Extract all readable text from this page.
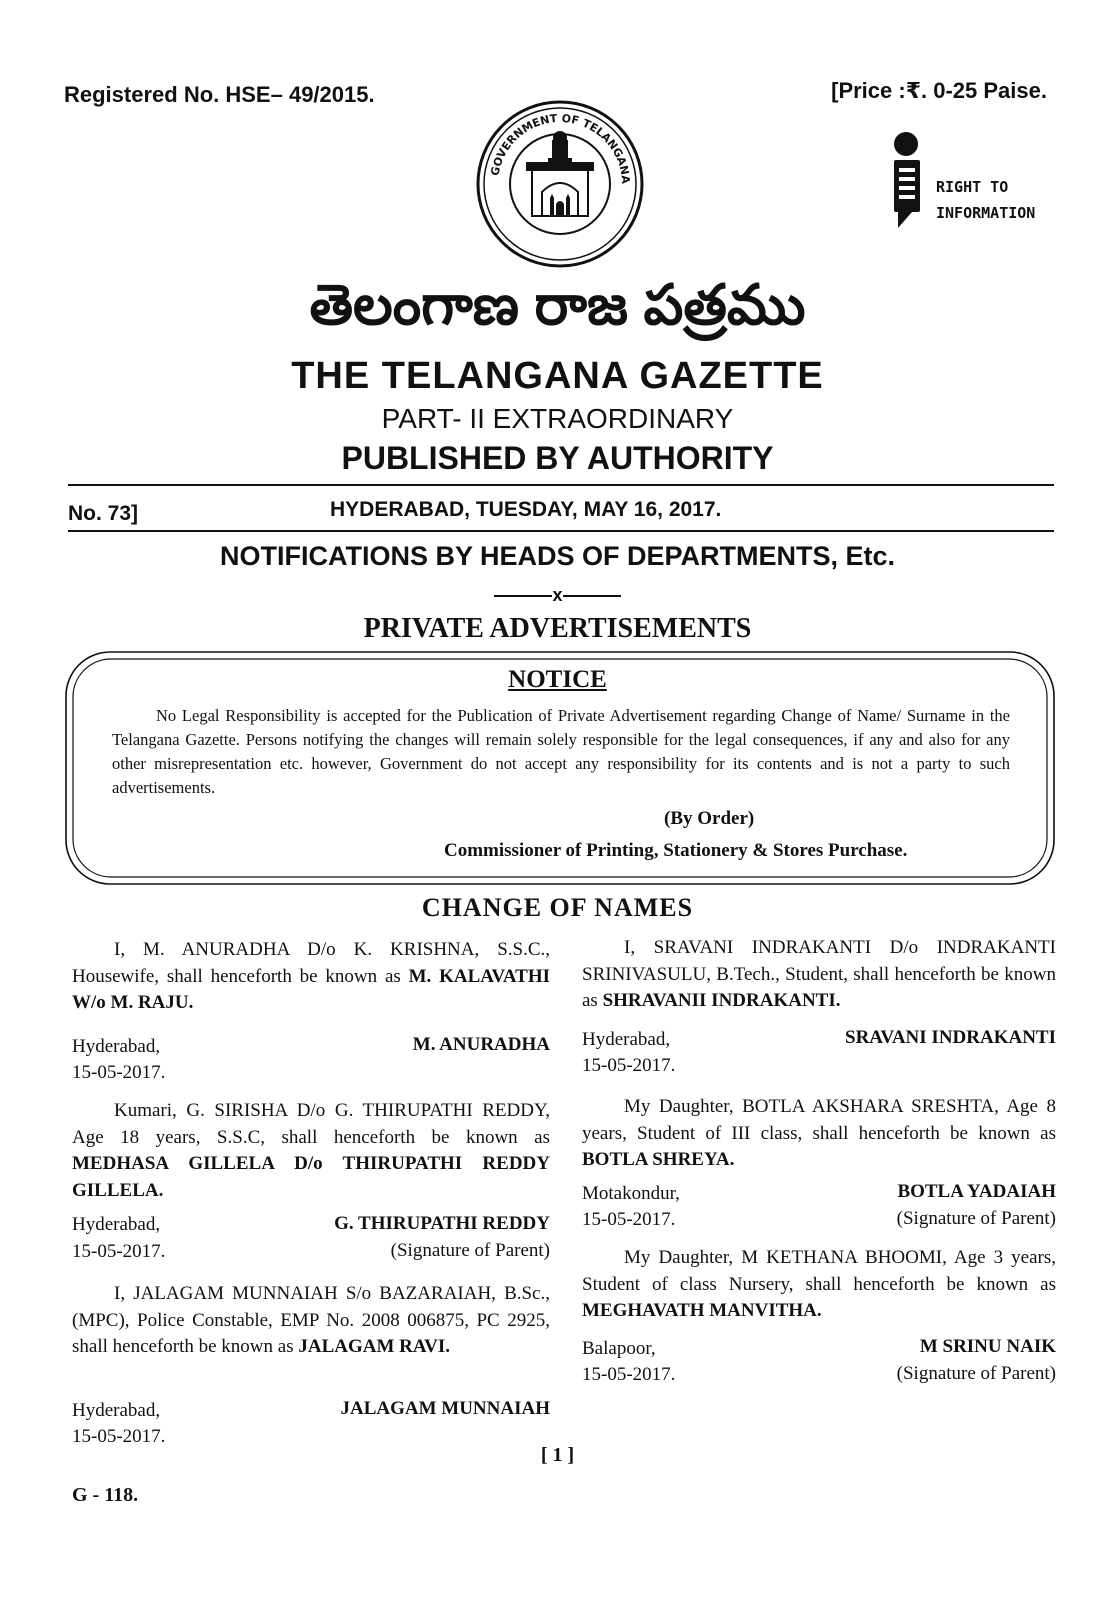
Registered No. HSE– 49/2015.	[Price :₹. 0-25 Paise.
GOVERNMENT OF TELANGANA	RIGHT TO
INFORMATION
తెలంగాణ రాజ పత్రము
THE TELANGANA GAZETTE
PART- II EXTRAORDINARY
PUBLISHED BY AUTHORITY
No. 73]	HYDERABAD, TUESDAY, MAY 16, 2017.
NOTIFICATIONS BY HEADS OF DEPARTMENTS, Etc.
x
PRIVATE ADVERTISEMENTS
NOTICE
No Legal Responsibility is accepted for the Publication of Private Advertisement regarding Change of Name/ Surname in the Telangana Gazette. Persons notifying the changes will remain solely responsible for the legal consequences, if any and also for any other misrepresentation etc. however, Government do not accept any responsibility for its contents and is not a party to such advertisements.
(By Order)
Commissioner of Printing, Stationery & Stores Purchase.
CHANGE OF NAMES
I, M. ANURADHA D/o K. KRISHNA, S.S.C., Housewife, shall henceforth be known as M. KALAVATHI W/o M. RAJU.
Hyderabad,
15-05-2017.
M. ANURADHA
Kumari, G. SIRISHA D/o G. THIRUPATHI REDDY, Age 18 years, S.S.C, shall henceforth be known as MEDHASA GILLELA D/o THIRUPATHI REDDY GILLELA.
Hyderabad,
15-05-2017.
G. THIRUPATHI REDDY
(Signature of Parent)
I, JALAGAM MUNNAIAH S/o BAZARAIAH, B.Sc., (MPC), Police Constable, EMP No. 2008 006875, PC 2925, shall henceforth be known as JALAGAM RAVI.
Hyderabad,
15-05-2017.
JALAGAM MUNNAIAH
I, SRAVANI INDRAKANTI D/o INDRAKANTI SRINIVASULU, B.Tech., Student, shall henceforth be known as SHRAVANII INDRAKANTI.
Hyderabad,
15-05-2017.
SRAVANI INDRAKANTI
My Daughter, BOTLA AKSHARA SRESHTA, Age 8 years, Student of III class, shall henceforth be known as BOTLA SHREYA.
Motakondur,
15-05-2017.
BOTLA YADAIAH
(Signature of Parent)
My Daughter, M KETHANA BHOOMI, Age 3 years, Student of class Nursery, shall henceforth be known as MEGHAVATH MANVITHA.
Balapoor,
15-05-2017.
M SRINU NAIK
(Signature of Parent)
[ 1 ]
G - 118.
